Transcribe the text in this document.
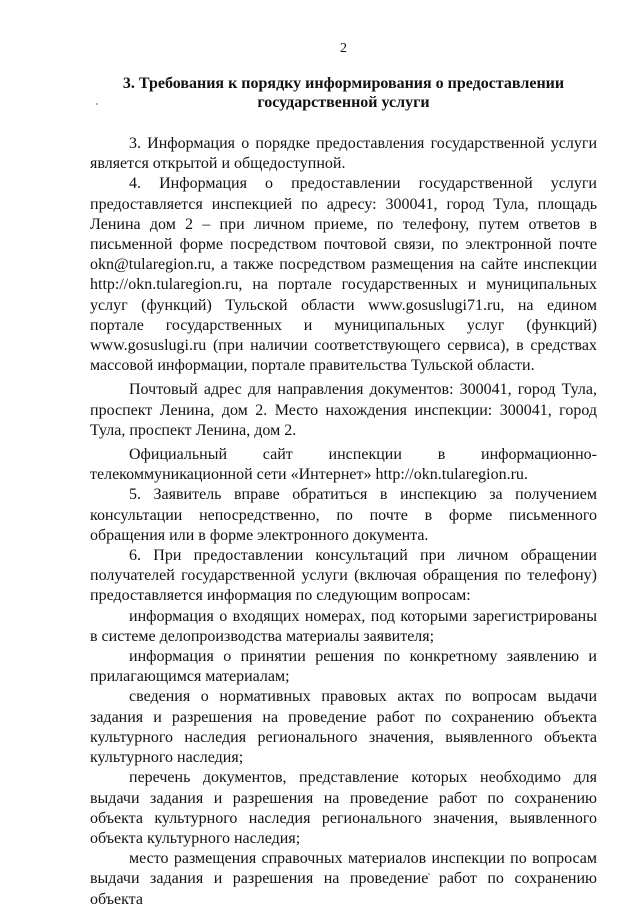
2
3. Требования к порядку информирования о предоставлении
государственной услуги

3. Информация о порядке предоставления государственной услуги является открытой и общедоступной.

4. Информация о предоставлении государственной услуги предоставляется инспекцией по адресу: 300041, город Тула, площадь Ленина дом 2 – при личном приеме, по телефону, путем ответов в письменной форме посредством почтовой связи, по электронной почте okn@tularegion.ru, а также посредством размещения на сайте инспекции http://okn.tularegion.ru, на портале государственных и муниципальных услуг (функций) Тульской области www.gosuslugi71.ru, на едином портале государственных и муниципальных услуг (функций) www.gosuslugi.ru (при наличии соответствующего сервиса), в средствах массовой информации, портале правительства Тульской области.

Почтовый адрес для направления документов: 300041, город Тула, проспект Ленина, дом 2. Место нахождения инспекции: 300041, город Тула, проспект Ленина, дом 2.

Официальный сайт инспекции в информационно-телекоммуникационной сети «Интернет» http://okn.tularegion.ru.

5. Заявитель вправе обратиться в инспекцию за получением консультации непосредственно, по почте в форме письменного обращения или в форме электронного документа.

6. При предоставлении консультаций при личном обращении получателей государственной услуги (включая обращения по телефону) предоставляется информация по следующим вопросам:

информация о входящих номерах, под которыми зарегистрированы в системе делопроизводства материалы заявителя;

информация о принятии решения по конкретному заявлению и прилагающимся материалам;

сведения о нормативных правовых актах по вопросам выдачи задания и разрешения на проведение работ по сохранению объекта культурного наследия регионального значения, выявленного объекта культурного наследия;

перечень документов, представление которых необходимо для выдачи задания и разрешения на проведение работ по сохранению объекта культурного наследия регионального значения, выявленного объекта культурного наследия;

место размещения справочных материалов инспекции по вопросам выдачи задания и разрешения на проведение работ по сохранению объекта
